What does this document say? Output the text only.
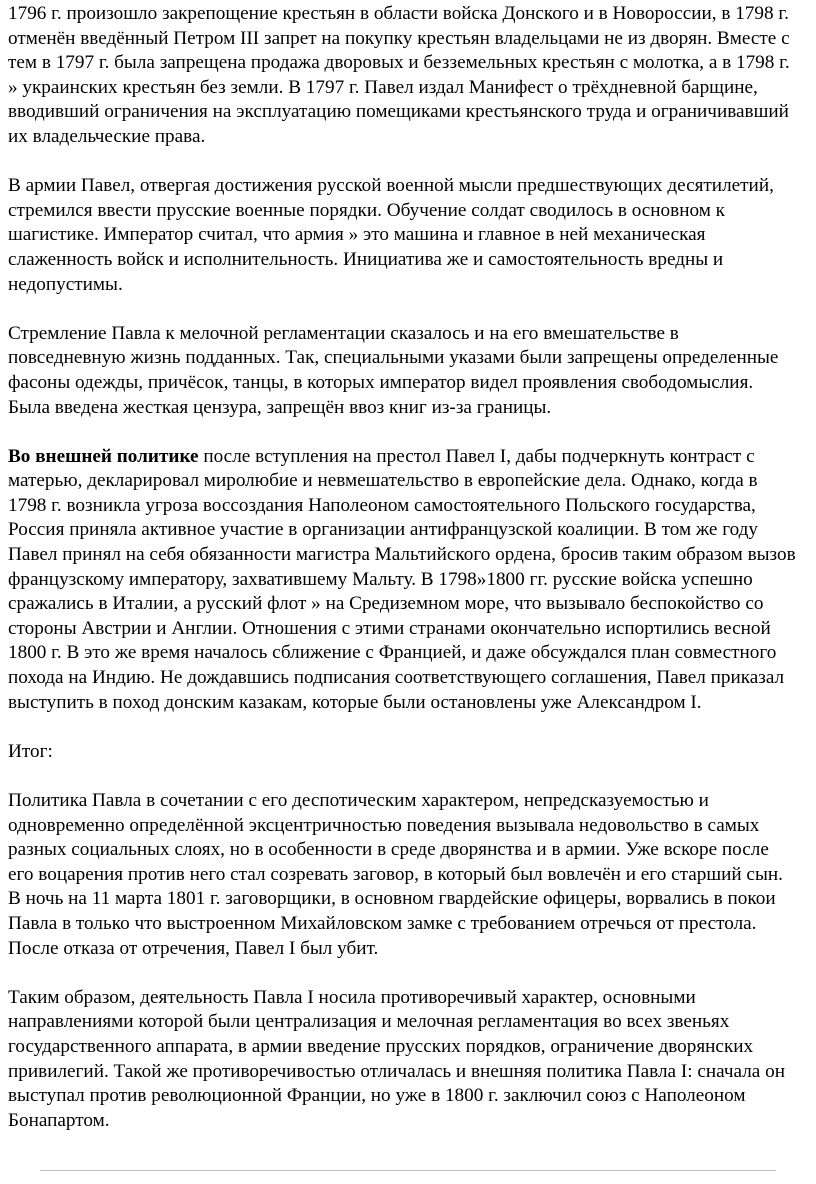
1796 г. произошло закрепощение крестьян в области войска Донского и в Новороссии, в 1798 г. отменён введённый Петром III запрет на покупку крестьян владельцами не из дворян. Вместе с тем в 1797 г. была запрещена продажа дворовых и безземельных крестьян с молотка, а в 1798 г. » украинских крестьян без земли. В 1797 г. Павел издал Манифест о трёхдневной барщине, вводивший ограничения на эксплуатацию помещиками крестьянского труда и ограничивавший их владельческие права.

В армии Павел, отвергая достижения русской военной мысли предшествующих десятилетий, стремился ввести прусские военные порядки. Обучение солдат сводилось в основном к шагистике. Император считал, что армия » это машина и главное в ней механическая слаженность войск и исполнительность. Инициатива же и самостоятельность вредны и недопустимы.

Стремление Павла к мелочной регламентации сказалось и на его вмешательстве в повседневную жизнь подданных. Так, специальными указами были запрещены определенные фасоны одежды, причёсок, танцы, в которых император видел проявления свободомыслия. Была введена жесткая цензура, запрещён ввоз книг из-за границы.

Во внешней политике после вступления на престол Павел I, дабы подчеркнуть контраст с матерью, декларировал миролюбие и невмешательство в европейские дела. Однако, когда в 1798 г. возникла угроза воссоздания Наполеоном самостоятельного Польского государства, Россия приняла активное участие в организации антифранцузской коалиции. В том же году Павел принял на себя обязанности магистра Мальтийского ордена, бросив таким образом вызов французскому императору, захватившему Мальту. В 1798»1800 гг. русские войска успешно сражались в Италии, а русский флот » на Средиземном море, что вызывало беспокойство со стороны Австрии и Англии. Отношения с этими странами окончательно испортились весной 1800 г. В это же время началось сближение с Францией, и даже обсуждался план совместного похода на Индию. Не дождавшись подписания соответствующего соглашения, Павел приказал выступить в поход донским казакам, которые были остановлены уже Александром I.

Итог:

Политика Павла в сочетании с его деспотическим характером, непредсказуемостью и одновременно определённой эксцентричностью поведения вызывала недовольство в самых разных социальных слоях, но в особенности в среде дворянства и в армии. Уже вскоре после его воцарения против него стал созревать заговор, в который был вовлечён и его старший сын. В ночь на 11 марта 1801 г. заговорщики, в основном гвардейские офицеры, ворвались в покои Павла в только что выстроенном Михайловском замке с требованием отречься от престола. После отказа от отречения, Павел I был убит.

Таким образом, деятельность Павла I носила противоречивый характер, основными направлениями которой были централизация и мелочная регламентация во всех звеньях государственного аппарата, в армии введение прусских порядков, ограничение дворянских привилегий. Такой же противоречивостью отличалась и внешняя политика Павла I: сначала он выступал против революционной Франции, но уже в 1800 г. заключил союз с Наполеоном Бонапартом.
